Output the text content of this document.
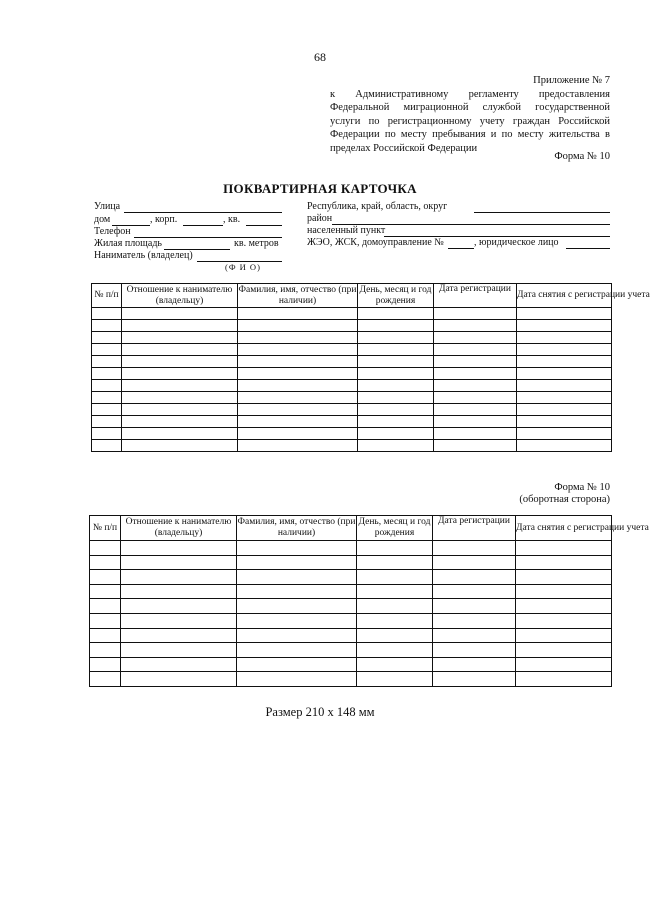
68
Приложение № 7
к Административному регламенту предоставления
Федеральной миграционной службой государственной
услуги по регистрационному учету граждан Российской
Федерации по месту пребывания и по месту жительства в
пределах Российской Федерации
Форма № 10
ПОКВАРТИРНАЯ КАРТОЧКА
Улица
дом	, корп.	, кв.
Телефон
Жилая площадь	кв. метров
Наниматель (владелец)
(Ф И О)
Республика, край, область, округ
район
населенный пункт
ЖЭО, ЖСК, домоуправление №	, юридическое лицо
№ п/п	Отношение к нанимателю (владельцу)	Фамилия, имя, отчество (при наличии)	День, месяц и год рождения	Дата регистрации	Дата снятия с регистрации учета

Форма № 10
(оборотная сторона)
№ п/п	Отношение к нанимателю (владельцу)	Фамилия, имя, отчество (при наличии)	День, месяц и год рождения	Дата регистрации	Дата снятия с регистрации учета

Размер 210 х 148 мм
